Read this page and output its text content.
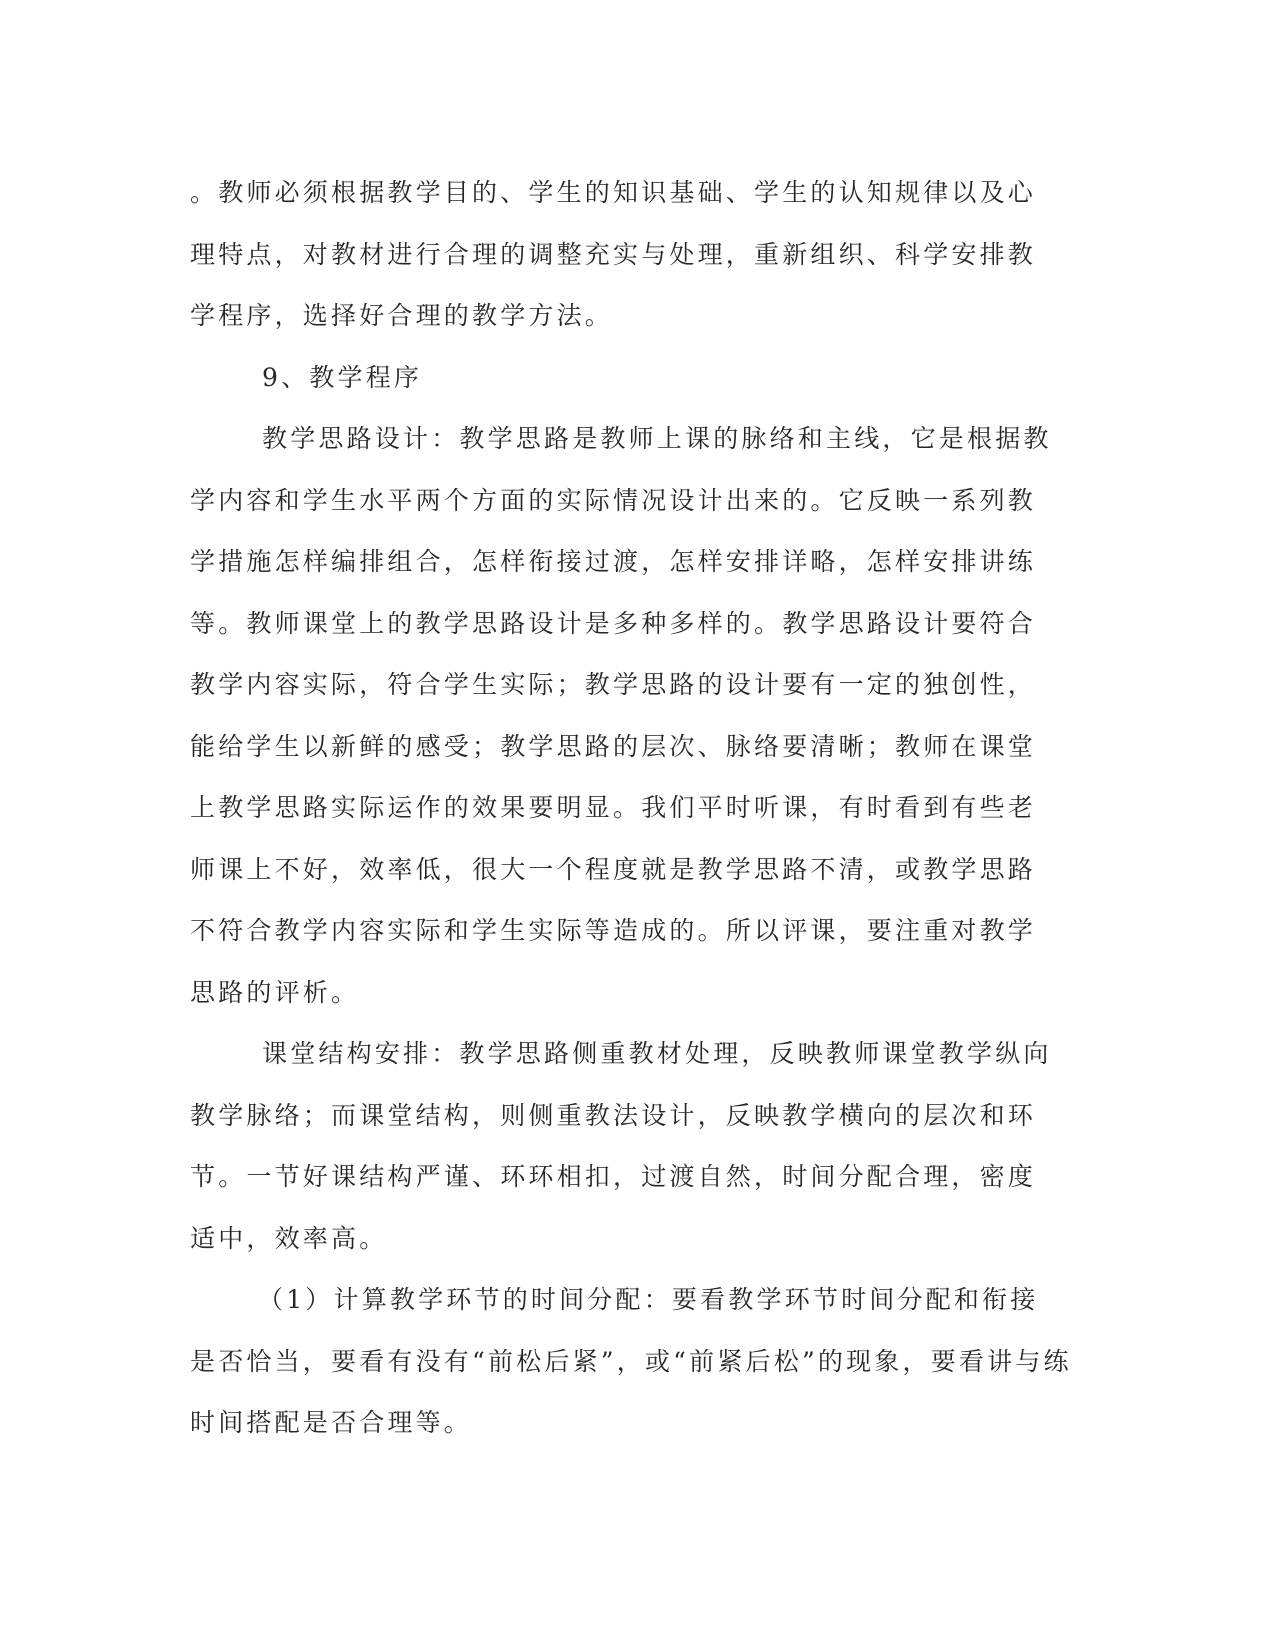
。教师必须根据教学目的、学生的知识基础、学生的认知规律以及心
理特点，对教材进行合理的调整充实与处理，重新组织、科学安排教
学程序，选择好合理的教学方法。
9、教学程序
教学思路设计：教学思路是教师上课的脉络和主线，它是根据教
学内容和学生水平两个方面的实际情况设计出来的。它反映一系列教
学措施怎样编排组合，怎样衔接过渡，怎样安排详略，怎样安排讲练
等。教师课堂上的教学思路设计是多种多样的。教学思路设计要符合
教学内容实际，符合学生实际；教学思路的设计要有一定的独创性，
能给学生以新鲜的感受；教学思路的层次、脉络要清晰；教师在课堂
上教学思路实际运作的效果要明显。我们平时听课，有时看到有些老
师课上不好，效率低，很大一个程度就是教学思路不清，或教学思路
不符合教学内容实际和学生实际等造成的。所以评课，要注重对教学
思路的评析。
课堂结构安排：教学思路侧重教材处理，反映教师课堂教学纵向
教学脉络；而课堂结构，则侧重教法设计，反映教学横向的层次和环
节。一节好课结构严谨、环环相扣，过渡自然，时间分配合理，密度
适中，效率高。
（1）计算教学环节的时间分配：要看教学环节时间分配和衔接
是否恰当，要看有没有“前松后紧”，或“前紧后松”的现象，要看讲与练
时间搭配是否合理等。
